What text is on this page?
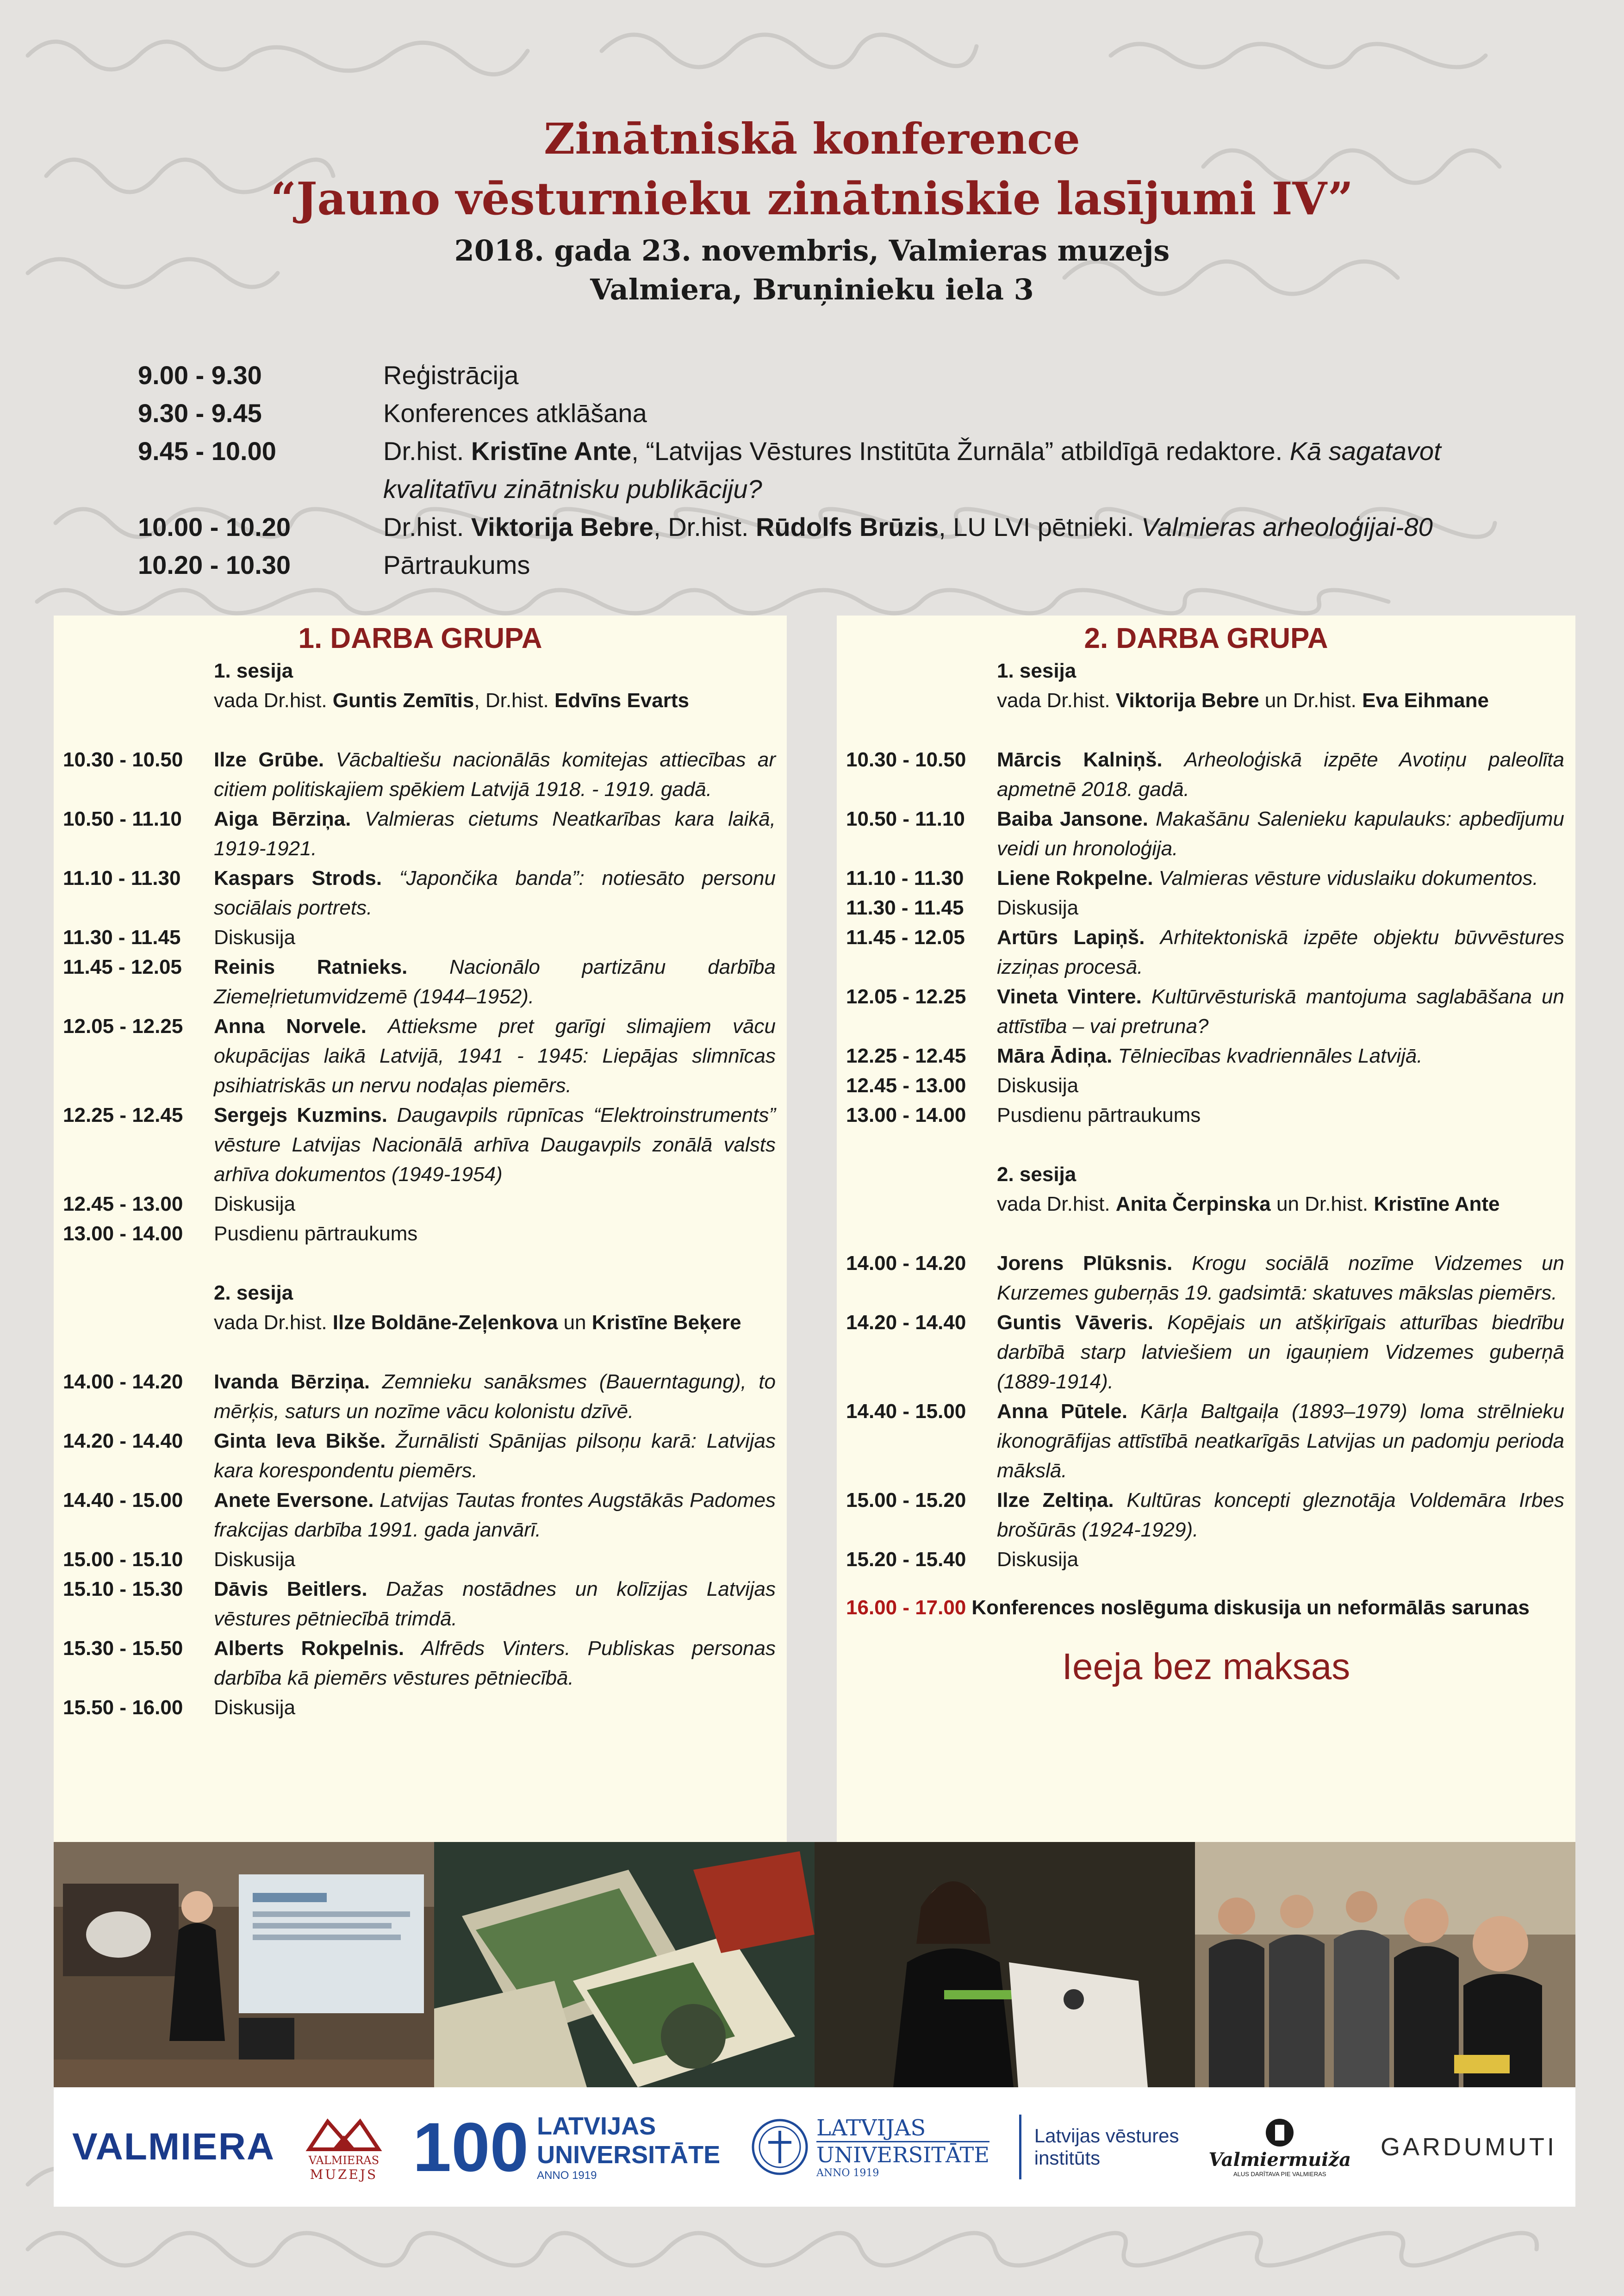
Zinātniskā konference
“Jauno vēsturnieku zinātniskie lasījumi IV”
2018. gada 23. novembris, Valmieras muzejs
Valmiera, Bruņinieku iela 3
9.00 - 9.30	Reģistrācija
9.30 - 9.45	Konferences atklāšana
9.45 - 10.00	Dr.hist. Kristīne Ante, “Latvijas Vēstures Institūta Žurnāla” atbildīgā redaktore. Kā sagatavot kvalitatīvu zinātnisku publikāciju?
10.00 - 10.20	Dr.hist. Viktorija Bebre, Dr.hist. Rūdolfs Brūzis, LU LVI pētnieki. Valmieras arheoloģijai-80
10.20 - 10.30	Pārtraukums
1. DARBA GRUPA
1. sesija
vada Dr.hist. Guntis Zemītis, Dr.hist. Edvīns Evarts
10.30 - 10.50	Ilze Grūbe. Vācbaltiešu nacionālās komitejas attiecības ar citiem politiskajiem spēkiem Latvijā 1918. - 1919. gadā.
10.50 - 11.10	Aiga Bērziņa. Valmieras cietums Neatkarības kara laikā, 1919-1921.
11.10 - 11.30	Kaspars Strods. “Japončika banda”: notiesāto personu sociālais portrets.
11.30 - 11.45	Diskusija
11.45 - 12.05	Reinis Ratnieks. Nacionālo partizānu darbība Ziemeļrietumvidzemē (1944–1952).
12.05 - 12.25	Anna Norvele. Attieksme pret garīgi slimajiem vācu okupācijas laikā Latvijā, 1941 - 1945: Liepājas slimnīcas psihiatriskās un nervu nodaļas piemērs.
12.25 - 12.45	Sergejs Kuzmins. Daugavpils rūpnīcas “Elektroinstruments” vēsture Latvijas Nacionālā arhīva Daugavpils zonālā valsts arhīva dokumentos (1949-1954)
12.45 - 13.00	Diskusija
13.00 - 14.00	Pusdienu pārtraukums
2. sesija
vada Dr.hist. Ilze Boldāne-Zeļenkova un Kristīne Beķere
14.00 - 14.20	Ivanda Bērziņa. Zemnieku sanāksmes (Bauerntagung), to mērķis, saturs un nozīme vācu kolonistu dzīvē.
14.20 - 14.40	Ginta Ieva Bikše. Žurnālisti Spānijas pilsoņu karā: Latvijas kara korespondentu piemērs.
14.40 - 15.00	Anete Eversone. Latvijas Tautas frontes Augstākās Padomes frakcijas darbība 1991. gada janvārī.
15.00 - 15.10	Diskusija
15.10 - 15.30	Dāvis Beitlers. Dažas nostādnes un kolīzijas Latvijas vēstures pētniecībā trimdā.
15.30 - 15.50	Alberts Rokpelnis. Alfrēds Vinters. Publiskas personas darbība kā piemērs vēstures pētniecībā.
15.50 - 16.00	Diskusija
2. DARBA GRUPA
1. sesija
vada Dr.hist. Viktorija Bebre un Dr.hist. Eva Eihmane
10.30 - 10.50	Mārcis Kalniņš. Arheoloģiskā izpēte Avotiņu paleolīta apmetnē 2018. gadā.
10.50 - 11.10	Baiba Jansone. Makašānu Salenieku kapulauks: apbedījumu veidi un hronoloģija.
11.10 - 11.30	Liene Rokpelne. Valmieras vēsture viduslaiku dokumentos.
11.30 - 11.45	Diskusija
11.45 - 12.05	Artūrs Lapiņš. Arhitektoniskā izpēte objektu būvvēstures izziņas procesā.
12.05 - 12.25	Vineta Vintere. Kultūrvēsturiskā mantojuma saglabāšana un attīstība – vai pretruna?
12.25 - 12.45	Māra Ādiņa. Tēlniecības kvadriennāles Latvijā.
12.45 - 13.00	Diskusija
13.00 - 14.00	Pusdienu pārtraukums
2. sesija
vada Dr.hist. Anita Čerpinska un Dr.hist. Kristīne Ante
14.00 - 14.20	Jorens Plūksnis. Krogu sociālā nozīme Vidzemes un Kurzemes guberņās 19. gadsimtā: skatuves mākslas piemērs.
14.20 - 14.40	Guntis Vāveris. Kopējais un atšķirīgais atturības biedrību darbībā starp latviešiem un igauņiem Vidzemes guberņā (1889-1914).
14.40 - 15.00	Anna Pūtele. Kārļa Baltgaiļa (1893–1979) loma strēlnieku ikonogrāfijas attīstībā neatkarīgās Latvijas un padomju perioda mākslā.
15.00 - 15.20	Ilze Zeltiņa. Kultūras koncepti gleznotāja Voldemāra Irbes brošūrās (1924-1929).
15.20 - 15.40	Diskusija
16.00 - 17.00 Konferences noslēguma diskusija un neformālās sarunas
Ieeja bez maksas
VALMIERA	VALMIERAS
MUZEJS 100 LATVIJAS
UNIVERSITĀTE
ANNO 1919
LATVIJAS
UNIVERSITĀTE
ANNO 1919
Latvijas vēstures
institūts	Valmiermuiža
ALUS DARĪTAVA PIE VALMIERAS
GARDUMUTI
